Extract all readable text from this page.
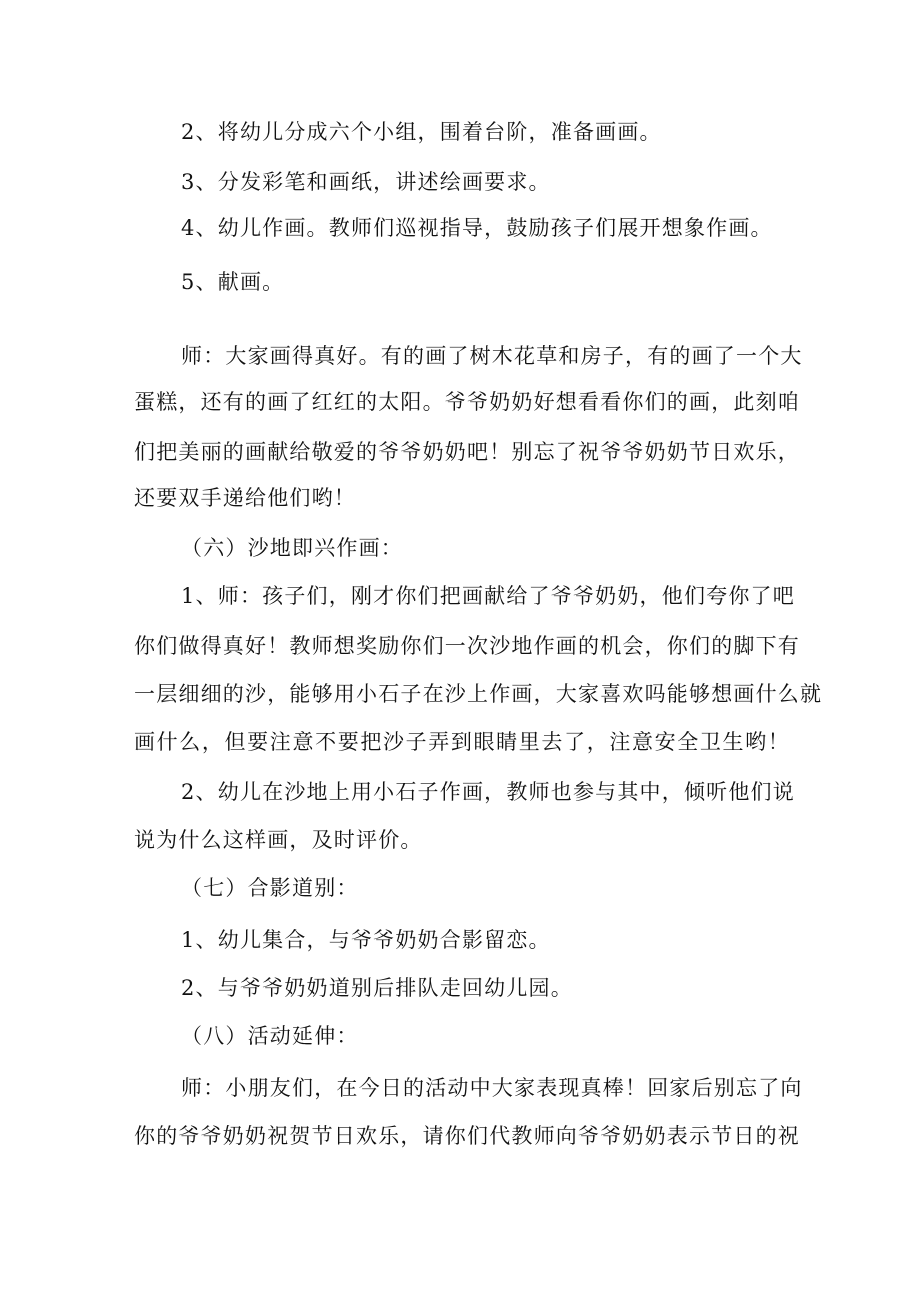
2、将幼儿分成六个小组，围着台阶，准备画画。

3、分发彩笔和画纸，讲述绘画要求。

4、幼儿作画。教师们巡视指导，鼓励孩子们展开想象作画。

5、献画。

师：大家画得真好。有的画了树木花草和房子，有的画了一个大

蛋糕，还有的画了红红的太阳。爷爷奶奶好想看看你们的画，此刻咱

们把美丽的画献给敬爱的爷爷奶奶吧！别忘了祝爷爷奶奶节日欢乐，

还要双手递给他们哟！

（六）沙地即兴作画：

1、师：孩子们，刚才你们把画献给了爷爷奶奶，他们夸你了吧

你们做得真好！教师想奖励你们一次沙地作画的机会，你们的脚下有

一层细细的沙，能够用小石子在沙上作画，大家喜欢吗能够想画什么就

画什么，但要注意不要把沙子弄到眼睛里去了，注意安全卫生哟！

2、幼儿在沙地上用小石子作画，教师也参与其中，倾听他们说

说为什么这样画，及时评价。

（七）合影道别：

1、幼儿集合，与爷爷奶奶合影留恋。

2、与爷爷奶奶道别后排队走回幼儿园。

（八）活动延伸：

师：小朋友们，在今日的活动中大家表现真棒！回家后别忘了向

你的爷爷奶奶祝贺节日欢乐，请你们代教师向爷爷奶奶表示节日的祝
